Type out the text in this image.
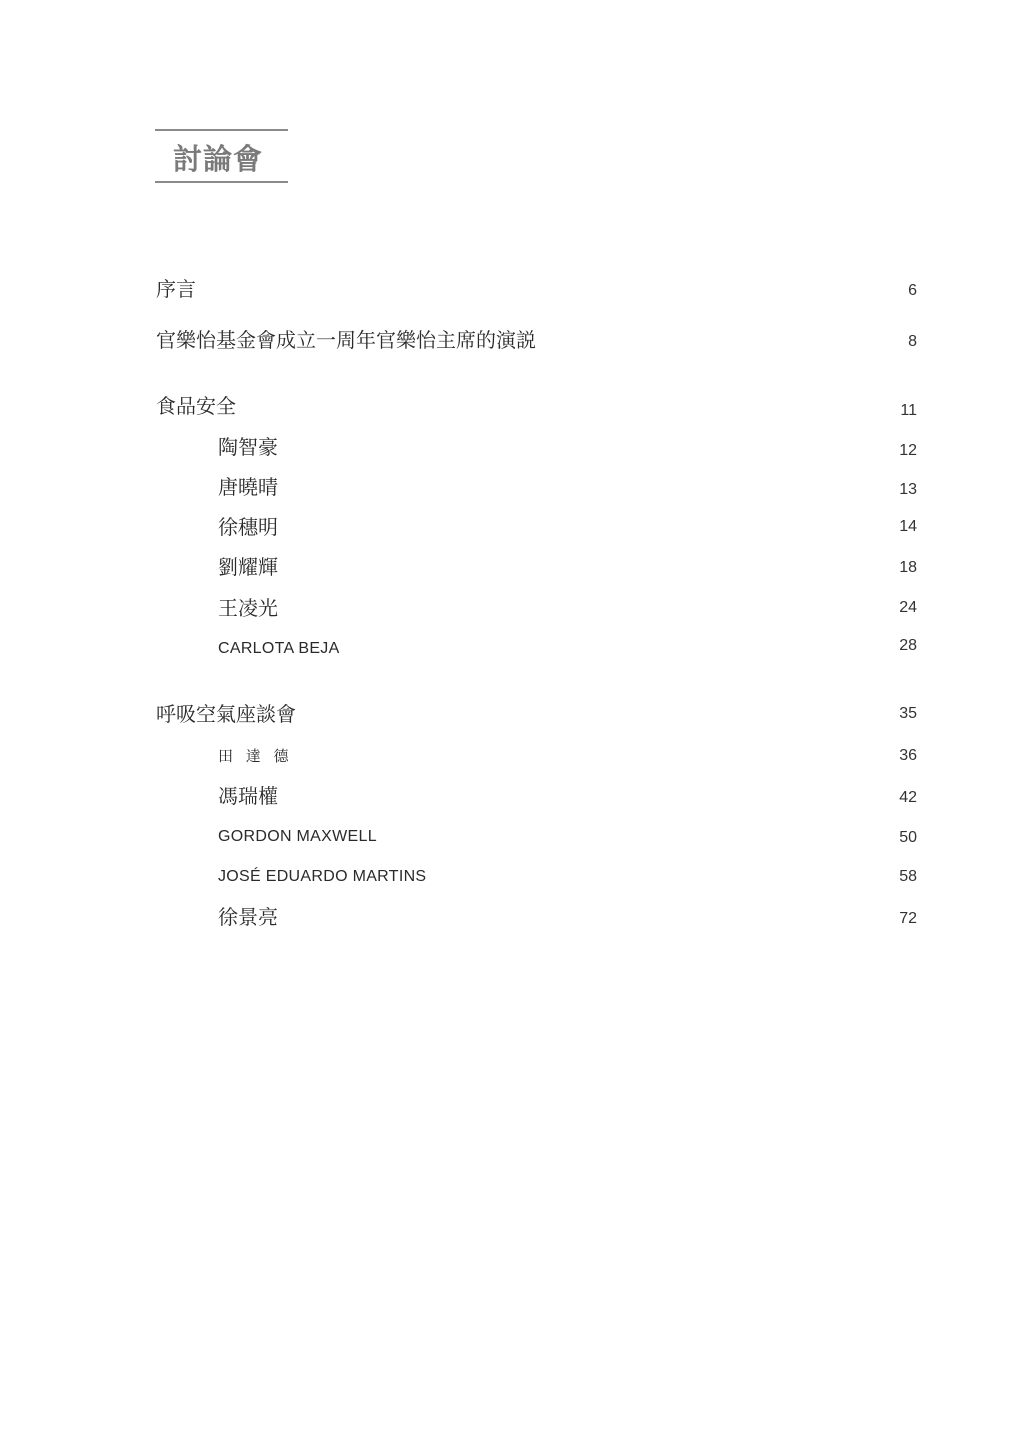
討論會
序言	6
官樂怡基金會成立一周年官樂怡主席的演説	8
食品安全	11
陶智豪	12
唐曉晴	13
徐穗明	14
劉耀輝	18
王凌光	24
CARLOTA BEJA	28
呼吸空氣座談會	35
田 達 德	36
馮瑞權	42
GORDON MAXWELL	50
JOSÉ EDUARDO MARTINS	58
徐景亮	72
